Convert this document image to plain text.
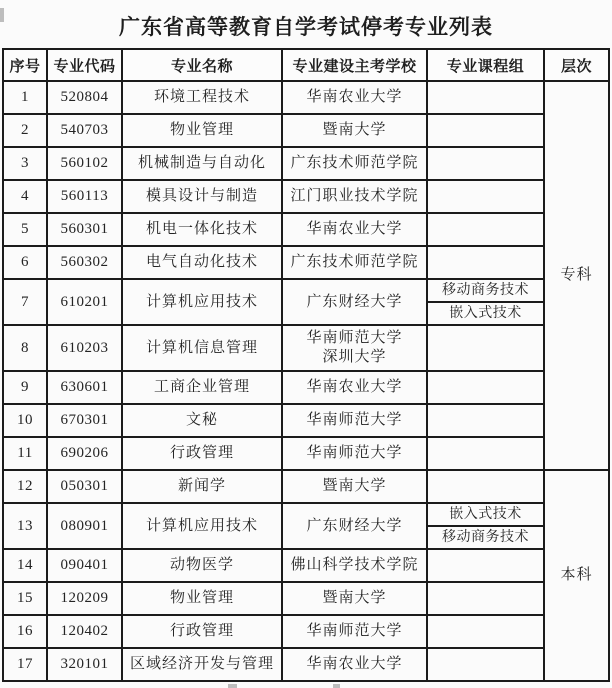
广东省高等教育自学考试停考专业列表
序号	专业代码	专业名称	专业建设主考学校	专业课程组	层次
1	520804	环境工程技术	华南农业大学		专科
2	540703	物业管理	暨南大学		
3	560102	机械制造与自动化	广东技术师范学院		
4	560113	模具设计与制造	江门职业技术学院		
5	560301	机电一体化技术	华南农业大学		
6	560302	电气自动化技术	广东技术师范学院		
7	610201	计算机应用技术	广东财经大学	移动商务技术	
				嵌入式技术	
8	610203	计算机信息管理	华南师范大学
深圳大学		
9	630601	工商企业管理	华南农业大学		
10	670301	文秘	华南师范大学		
11	690206	行政管理	华南师范大学		
12	050301	新闻学	暨南大学		本科
13	080901	计算机应用技术	广东财经大学	嵌入式技术	
				移动商务技术	
14	090401	动物医学	佛山科学技术学院		
15	120209	物业管理	暨南大学		
16	120402	行政管理	华南师范大学		
17	320101	区域经济开发与管理	华南农业大学		
